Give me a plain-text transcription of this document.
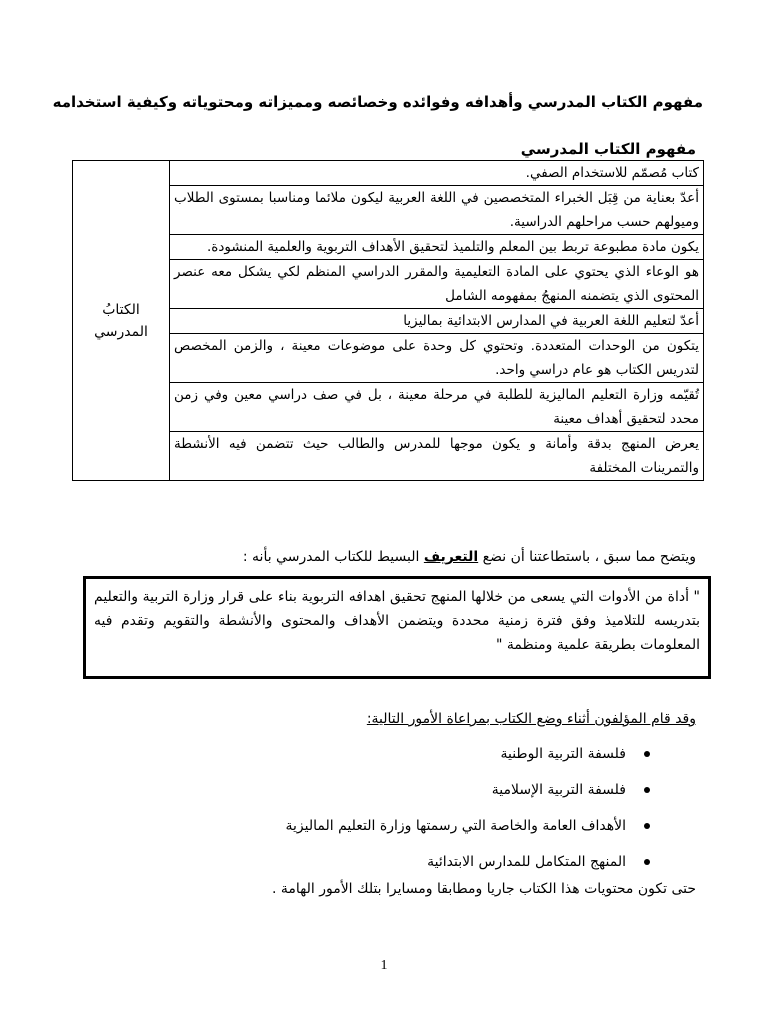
مفهوم الكتاب المدرسي وأهدافه وفوائده وخصائصه ومميزاته ومحتوياته وكيفية استخدامه
مفهوم الكتاب المدرسي
كتاب مُصمّم للاستخدام الصفي.	الكتابُ المدرسي
أعدّ بعناية من قِبَل الخبراء المتخصصين في اللغة العربية ليكون ملائما ومناسبا بمستوى الطلاب وميولهم حسب مراحلهم الدراسية.
يكون مادة مطبوعة تربط بين المعلم والتلميذ لتحقيق الأهداف التربوية والعلمية المنشودة.
هو الوعاء الذي يحتوي على المادة التعليمية والمقرر الدراسي المنظم لكي يشكل معه عنصر المحتوى الذي يتضمنه المنهجُ بمفهومه الشامل
أعدّ لتعليم اللغة العربية في المدارس الابتدائية بماليزيا
يتكون من الوحدات المتعددة. وتحتوي كل وحدة على موضوعات معينة ، والزمن المخصص لتدريس الكتاب هو عام دراسي واحد.
تُقيّمه وزارة التعليم الماليزية للطلبة في مرحلة معينة ، بل في صف دراسي معين وفي زمن محدد لتحقيق أهداف معينة
يعرض المنهج بدقة وأمانة و يكون موجها للمدرس والطالب حيث تتضمن فيه الأنشطة والتمرينات المختلفة
ويتضح مما سبق ، باستطاعتنا أن نضع التعريف البسيط للكتاب المدرسي بأنه :
" أداة من الأدوات التي يسعى من خلالها المنهج تحقيق اهدافه التربوية بناء على قرار وزارة التربية والتعليم بتدريسه للتلاميذ وفق فترة زمنية محددة ويتضمن الأهداف والمحتوى والأنشطة والتقويم وتقدم فيه المعلومات بطريقة علمية ومنظمة "
وقد قام المؤلفون أثناء وضع الكتاب بمراعاة الأمور التالية:
فلسفة التربية الوطنية
فلسفة التربية الإسلامية
الأهداف العامة والخاصة التي رسمتها وزارة التعليم الماليزية
المنهج المتكامل للمدارس الابتدائية
حتى تكون محتويات هذا الكتاب جاريا ومطابقا ومسايرا بتلك الأمور الهامة .
1
